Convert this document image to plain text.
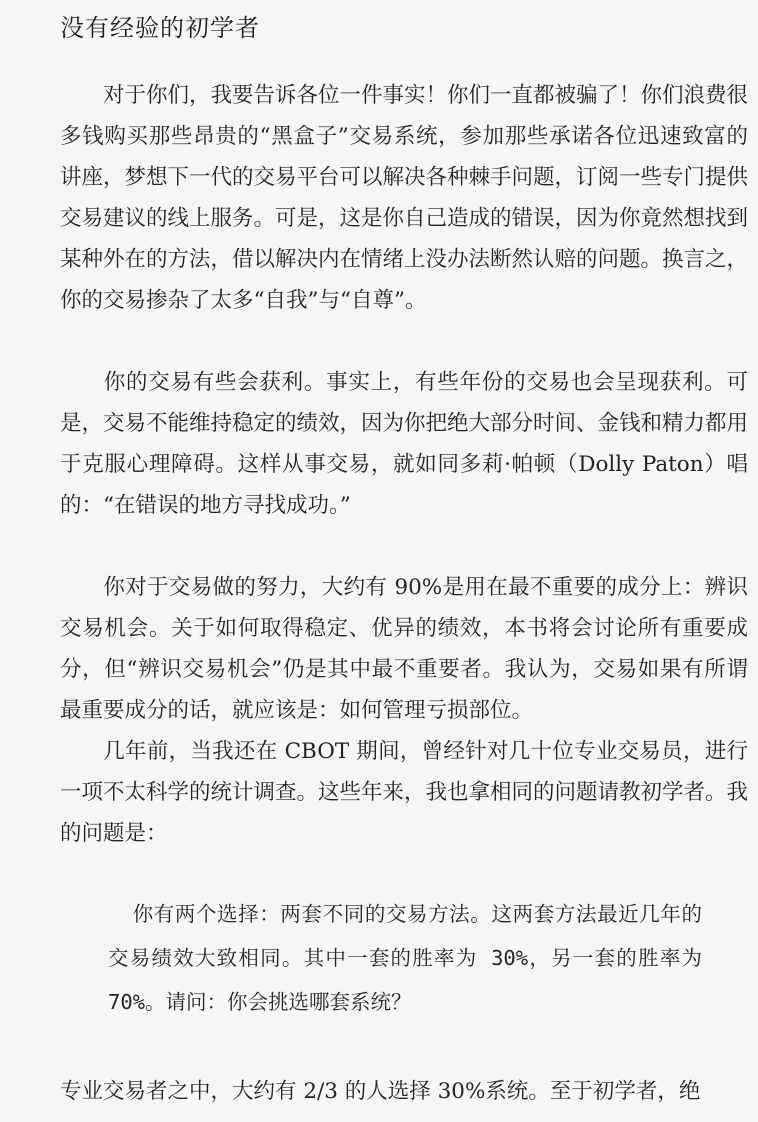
没有经验的初学者

对于你们，我要告诉各位一件事实！你们一直都被骗了！你们浪费很多钱购买那些昂贵的“黑盒子”交易系统，参加那些承诺各位迅速致富的讲座，梦想下一代的交易平台可以解决各种棘手问题，订阅一些专门提供交易建议的线上服务。可是，这是你自己造成的错误，因为你竟然想找到某种外在的方法，借以解决内在情绪上没办法断然认赔的问题。换言之，你的交易掺杂了太多“自我”与“自尊”。

你的交易有些会获利。事实上，有些年份的交易也会呈现获利。可是，交易不能维持稳定的绩效，因为你把绝大部分时间、金钱和精力都用于克服心理障碍。这样从事交易，就如同多莉·帕顿（Dolly Paton）唱的：“在错误的地方寻找成功。”

你对于交易做的努力，大约有 90%是用在最不重要的成分上：辨识交易机会。关于如何取得稳定、优异的绩效，本书将会讨论所有重要成分，但“辨识交易机会”仍是其中最不重要者。我认为，交易如果有所谓最重要成分的话，就应该是：如何管理亏损部位。

几年前，当我还在 CBOT 期间，曾经针对几十位专业交易员，进行一项不太科学的统计调查。这些年来，我也拿相同的问题请教初学者。我的问题是：

你有两个选择：两套不同的交易方法。这两套方法最近几年的交易绩效大致相同。其中一套的胜率为 30%，另一套的胜率为 70%。请问：你会挑选哪套系统？

专业交易者之中，大约有 2/3 的人选择 30%系统。至于初学者，绝
